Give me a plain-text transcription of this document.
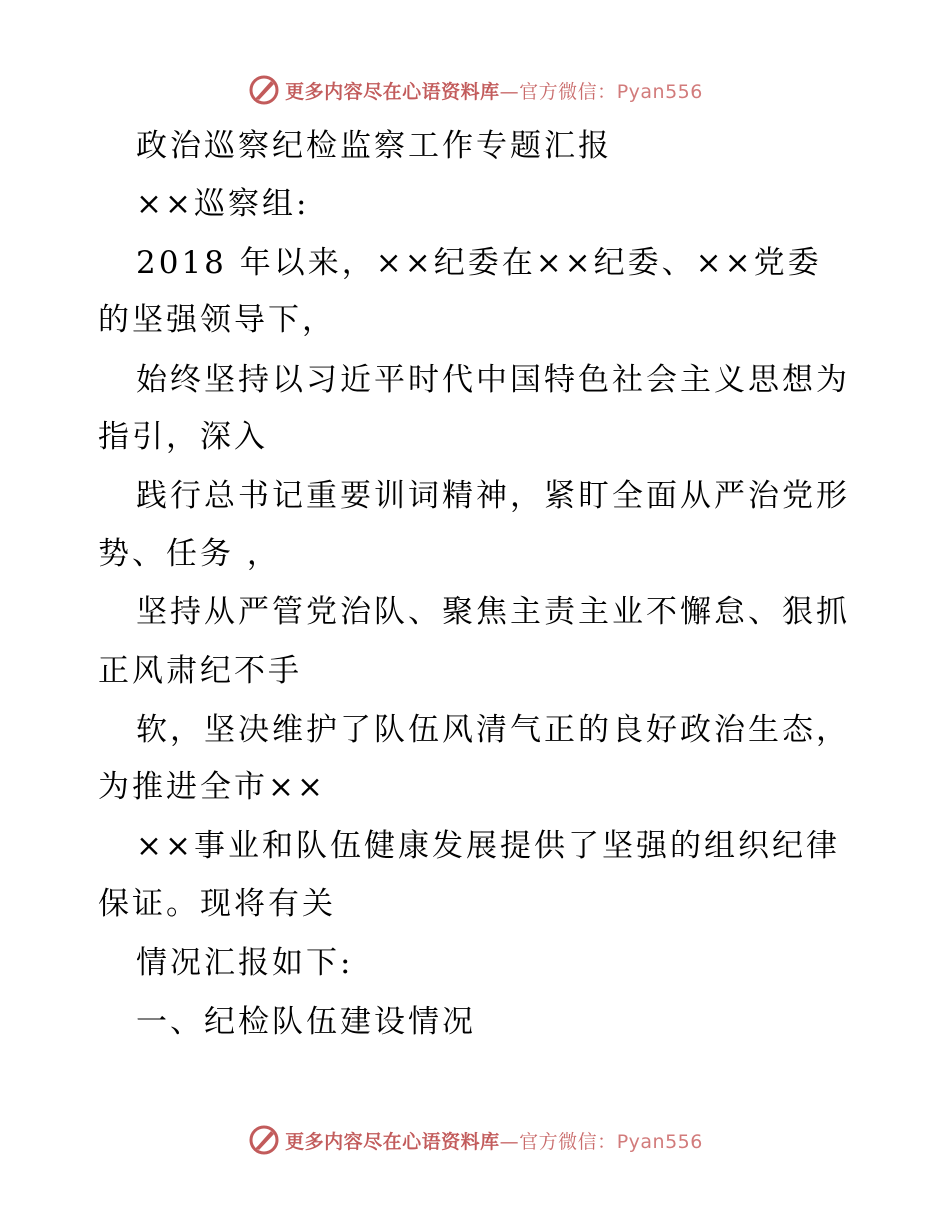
更多内容尽在心语资料库—官方微信：Pyan556
政治巡察纪检监察工作专题汇报
××巡察组:
2018 年以来，××纪委在××纪委、××党委
的坚强领导下，
始终坚持以习近平时代中国特色社会主义思想为
指引，深入
践行总书记重要训词精神，紧盯全面从严治党形
势、任务 ，
坚持从严管党治队、聚焦主责主业不懈怠、狠抓
正风肃纪不手
软，坚决维护了队伍风清气正的良好政治生态，
为推进全市××
××事业和队伍健康发展提供了坚强的组织纪律
保证。现将有关
情况汇报如下:
一、纪检队伍建设情况
更多内容尽在心语资料库—官方微信：Pyan556
